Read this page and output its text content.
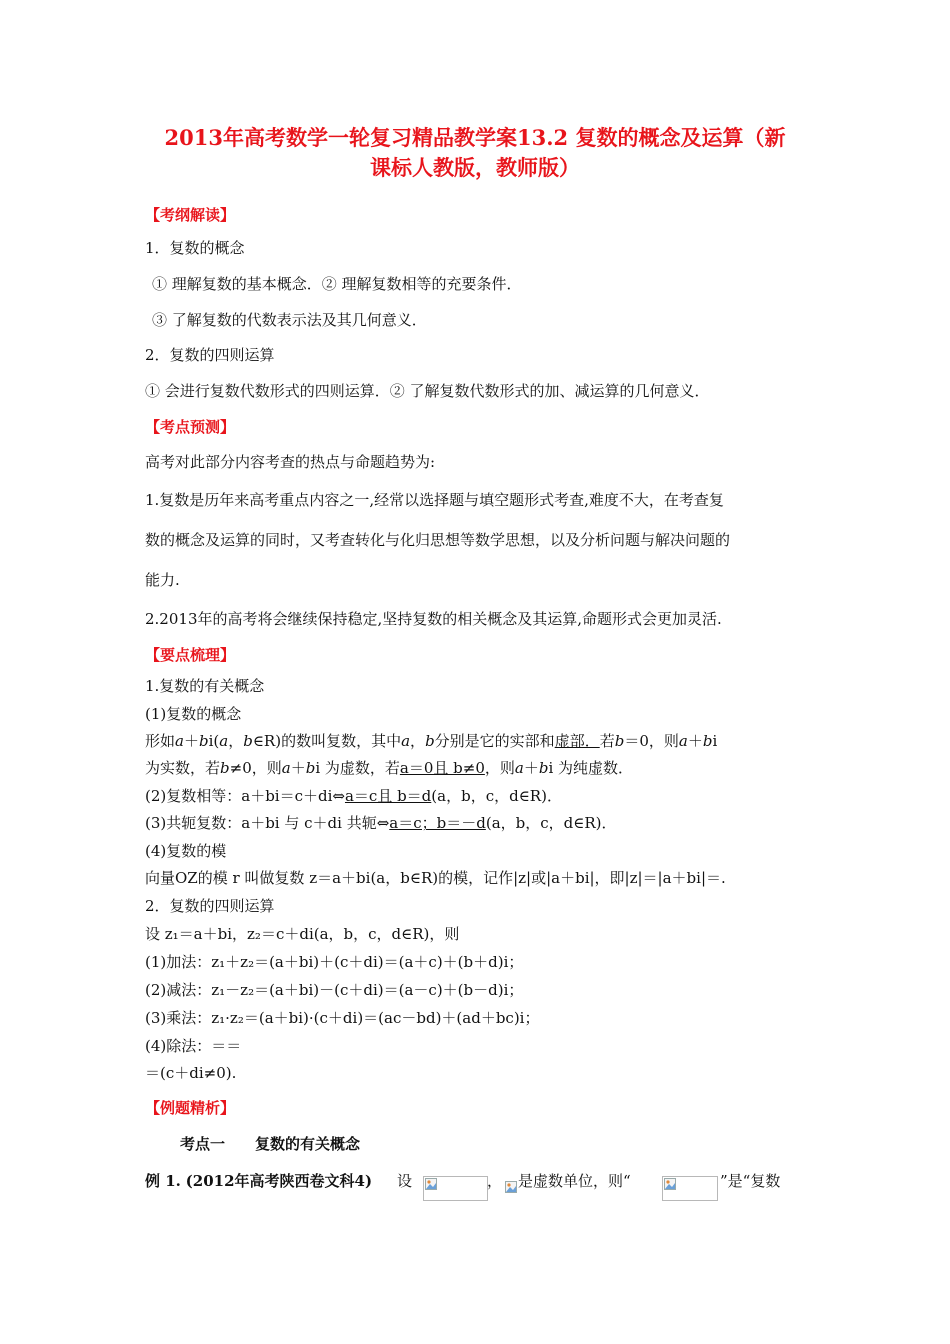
2013年高考数学一轮复习精品教学案13.2 复数的概念及运算（新
课标人教版，教师版）
【考纲解读】
1．复数的概念
① 理解复数的基本概念．② 理解复数相等的充要条件．
③ 了解复数的代数表示法及其几何意义．
2．复数的四则运算
① 会进行复数代数形式的四则运算．② 了解复数代数形式的加、减运算的几何意义．
【考点预测】
高考对此部分内容考查的热点与命题趋势为:
1.复数是历年来高考重点内容之一,经常以选择题与填空题形式考查,难度不大，在考查复
数的概念及运算的同时，又考查转化与化归思想等数学思想，以及分析问题与解决问题的
能力.
2.2013年的高考将会继续保持稳定,坚持复数的相关概念及其运算,命题形式会更加灵活.
【要点梳理】
1.复数的有关概念
(1)复数的概念
形如a＋bi(a，b∈R)的数叫复数，其中a，b分别是它的实部和虚部．若b＝0，则a＋bi
为实数，若b≠0，则a＋bi 为虚数，若a＝0且 b≠0，则a＋bi 为纯虚数．
(2)复数相等：a＋bi＝c＋di⇔a＝c且 b＝d(a，b，c，d∈R)．
(3)共轭复数：a＋bi 与 c＋di 共轭⇔a＝c；b＝－d(a，b，c，d∈R)．
(4)复数的模
向量OZ的模 r 叫做复数 z＝a＋bi(a，b∈R)的模，记作|z|或|a＋bi|，即|z|＝|a＋bi|＝.
2．复数的四则运算
设 z₁＝a＋bi，z₂＝c＋di(a，b，c，d∈R)，则
(1)加法：z₁＋z₂＝(a＋bi)＋(c＋di)＝(a＋c)＋(b＋d)i；
(2)减法：z₁－z₂＝(a＋bi)－(c＋di)＝(a－c)＋(b－d)i；
(3)乘法：z₁·z₂＝(a＋bi)·(c＋di)＝(ac－bd)＋(ad＋bc)i；
(4)除法：＝＝
＝(c＋di≠0).
【例题精析】
考点一　　复数的有关概念
例 1. (2012年高考陕西卷文科4) 设	， 是虚数单位，则“	”是“复数
